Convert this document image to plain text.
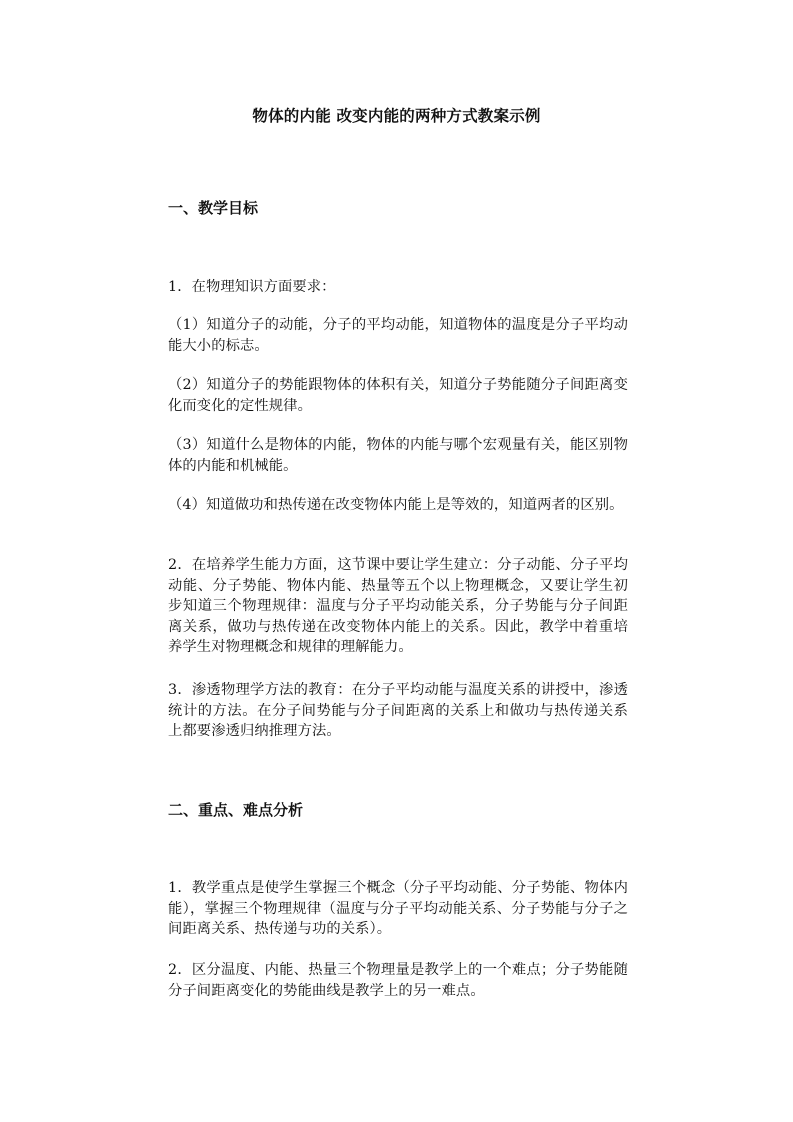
物体的内能 改变内能的两种方式教案示例
一、教学目标
1．在物理知识方面要求：
（1）知道分子的动能，分子的平均动能，知道物体的温度是分子平均动能大小的标志。
（2）知道分子的势能跟物体的体积有关，知道分子势能随分子间距离变化而变化的定性规律。
（3）知道什么是物体的内能，物体的内能与哪个宏观量有关，能区别物体的内能和机械能。
（4）知道做功和热传递在改变物体内能上是等效的，知道两者的区别。
2．在培养学生能力方面，这节课中要让学生建立：分子动能、分子平均动能、分子势能、物体内能、热量等五个以上物理概念，又要让学生初步知道三个物理规律：温度与分子平均动能关系，分子势能与分子间距离关系，做功与热传递在改变物体内能上的关系。因此，教学中着重培养学生对物理概念和规律的理解能力。
3．渗透物理学方法的教育：在分子平均动能与温度关系的讲授中，渗透统计的方法。在分子间势能与分子间距离的关系上和做功与热传递关系上都要渗透归纳推理方法。
二、重点、难点分析
1．教学重点是使学生掌握三个概念（分子平均动能、分子势能、物体内能），掌握三个物理规律（温度与分子平均动能关系、分子势能与分子之间距离关系、热传递与功的关系）。
2．区分温度、内能、热量三个物理量是教学上的一个难点；分子势能随分子间距离变化的势能曲线是教学上的另一难点。
